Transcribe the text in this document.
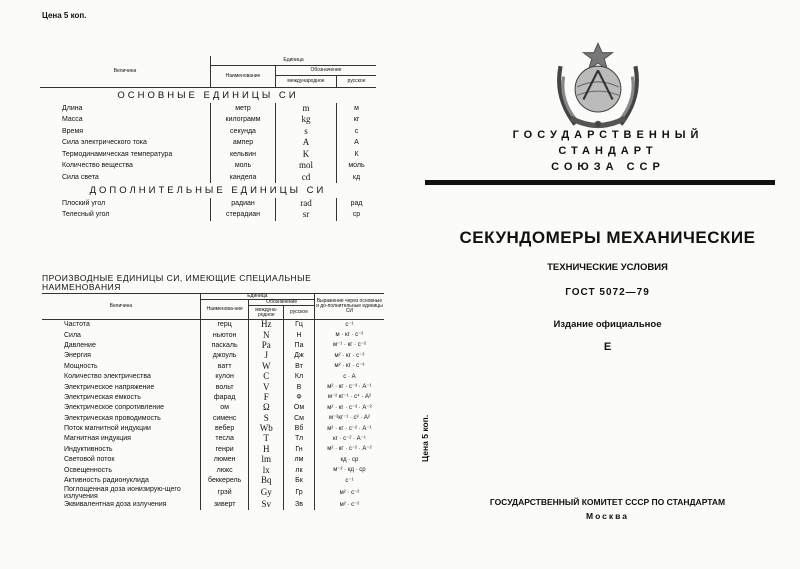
Цена 5 коп.
Величина	Единица		
	Наименование	Обозначение	
		международное	русское
ОСНОВНЫЕ ЕДИНИЦЫ СИ			
Длина	метр	m	м
Масса	килограмм	kg	кг
Время	секунда	s	с
Сила электрического тока	ампер	A	А
Термодинамическая температура	кельвин	K	К
Количество вещества	моль	mol	моль
Сила света	кандела	cd	кд
ДОПОЛНИТЕЛЬНЫЕ ЕДИНИЦЫ СИ			
Плоский угол	радиан	rad	рад
Телесный угол	стерадиан	sr	ср
ПРОИЗВОДНЫЕ ЕДИНИЦЫ СИ, ИМЕЮЩИЕ СПЕЦИАЛЬНЫЕ НАИМЕНОВАНИЯ				
Величина	Единица			Выражение через основные и до-полнительные единицы СИ
	Наименова-ние	Обозначение		
		междуна-родное	русское	
Частота	герц	Hz	Гц	с⁻¹
Сила	ньютон	N	Н	м · кг · с⁻²
Давление	паскаль	Pa	Па	м⁻¹ · кг · с⁻²
Энергия	джоуль	J	Дж	м² · кг · с⁻²
Мощность	ватт	W	Вт	м² · кг · с⁻³
Количество электричества	кулон	C	Кл	с · А
Электрическое напряжение	вольт	V	В	м² · кг · с⁻³ · А⁻¹
Электрическая емкость	фарад	F	Ф	м⁻² кг⁻¹ · с⁴ · А²
Электрическое сопротивление	ом	Ω	Ом	м² · кг · с⁻³ · А⁻²
Электрическая проводимость	сименс	S	См	м⁻²кг⁻¹ · с³ · А²
Поток магнитной индукции	вебер	Wb	Вб	м² · кг · с⁻² · А⁻¹
Магнитная индукция	тесла	T	Тл	кг · с⁻² · А⁻¹
Индуктивность	генри	H	Гн	м² · кг · с⁻² · А⁻²
Световой поток	люмен	lm	лм	кд · ср
Освещенность	люкс	lx	лк	м⁻² · кд · ср
Активность радионуклида	беккерель	Bq	Бк	с⁻¹
Поглощенная доза ионизирую-щего излучения	грэй	Gy	Гр	м² · с⁻²
Эквивалентная доза излучения	зиверт	Sv	Зв	м² · с⁻²
ГОСУДАРСТВЕННЫЙ СТАНДАРТ
СОЮЗА ССР
СЕКУНДОМЕРЫ МЕХАНИЧЕСКИЕ
ТЕХНИЧЕСКИЕ УСЛОВИЯ
ГОСТ 5072—79
Издание официальное
Е
Цена 5 коп.
ГОСУДАРСТВЕННЫЙ КОМИТЕТ СССР ПО СТАНДАРТАМ
Москва
